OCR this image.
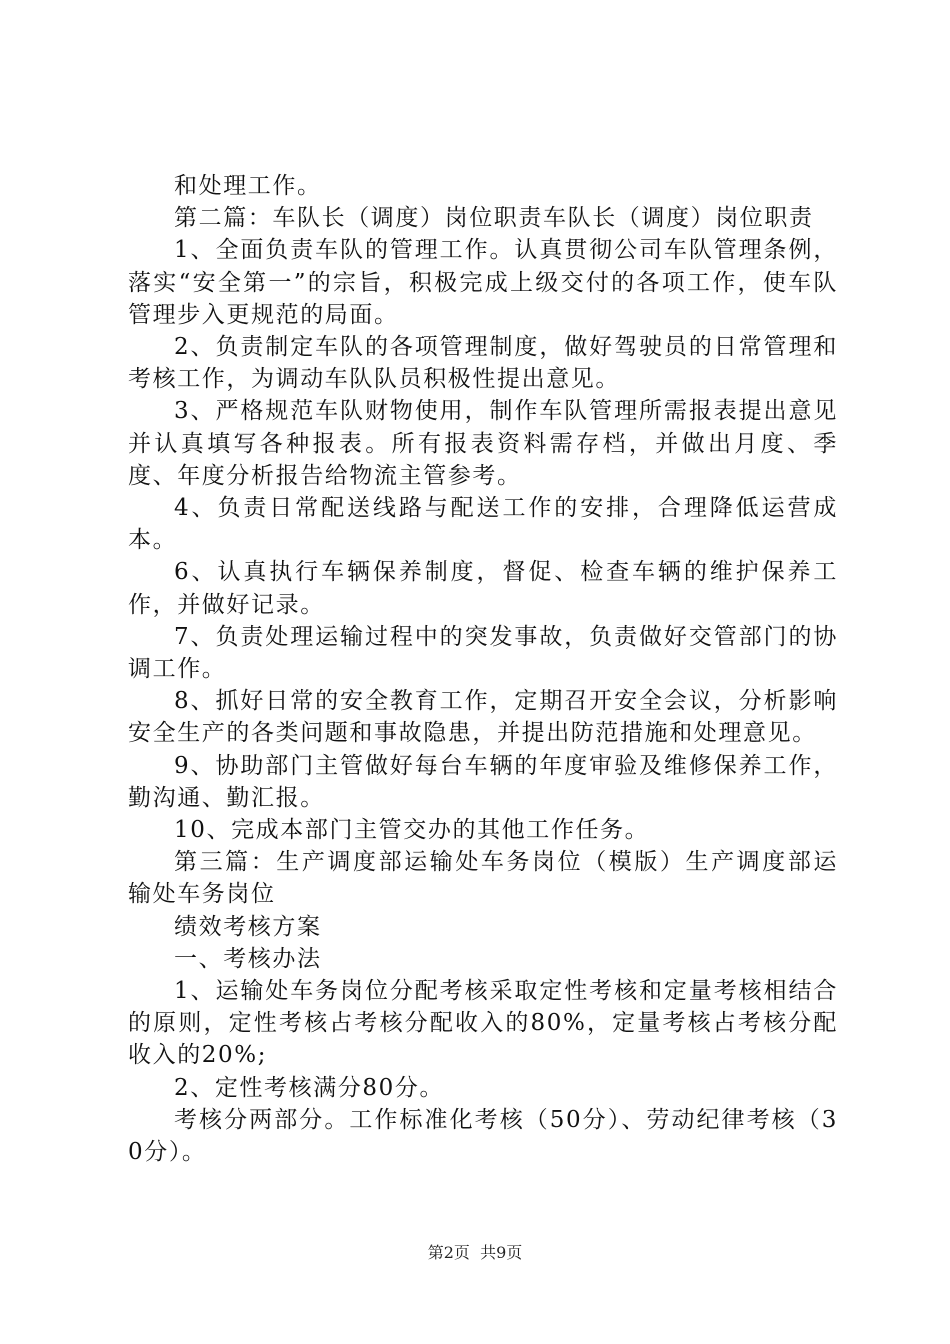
和处理工作。

第二篇：车队长（调度）岗位职责车队长（调度）岗位职责

1、全面负责车队的管理工作。认真贯彻公司车队管理条例，落实“安全第一”的宗旨，积极完成上级交付的各项工作，使车队管理步入更规范的局面。

2、负责制定车队的各项管理制度，做好驾驶员的日常管理和考核工作，为调动车队队员积极性提出意见。

3、严格规范车队财物使用，制作车队管理所需报表提出意见并认真填写各种报表。所有报表资料需存档，并做出月度、季度、年度分析报告给物流主管参考。

4、负责日常配送线路与配送工作的安排，合理降低运营成本。

6、认真执行车辆保养制度，督促、检查车辆的维护保养工作，并做好记录。

7、负责处理运输过程中的突发事故，负责做好交管部门的协调工作。

8、抓好日常的安全教育工作，定期召开安全会议，分析影响安全生产的各类问题和事故隐患，并提出防范措施和处理意见。

9、协助部门主管做好每台车辆的年度审验及维修保养工作，勤沟通、勤汇报。

10、完成本部门主管交办的其他工作任务。

第三篇：生产调度部运输处车务岗位（模版）生产调度部运输处车务岗位

绩效考核方案

一、考核办法

1、运输处车务岗位分配考核采取定性考核和定量考核相结合的原则，定性考核占考核分配收入的80%，定量考核占考核分配收入的20%;

2、定性考核满分80分。

考核分两部分。工作标准化考核（50分）、劳动纪律考核（30分）。

第2页  共9页
